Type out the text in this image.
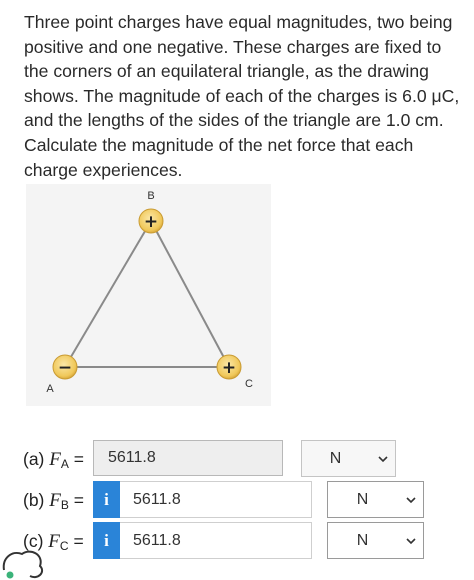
Three point charges have equal magnitudes, two being positive and one negative. These charges are fixed to the corners of an equilateral triangle, as the drawing shows. The magnitude of each of the charges is 6.0 μC, and the lengths of the sides of the triangle are 1.0 cm. Calculate the magnitude of the net force that each charge experiences.

+
−	+
B
A	C
(a) $F_A$ =	5611.8	N
(b) $F_B$ =	i	5611.8	N
(c) $F_C$ =	i	5611.8	N
